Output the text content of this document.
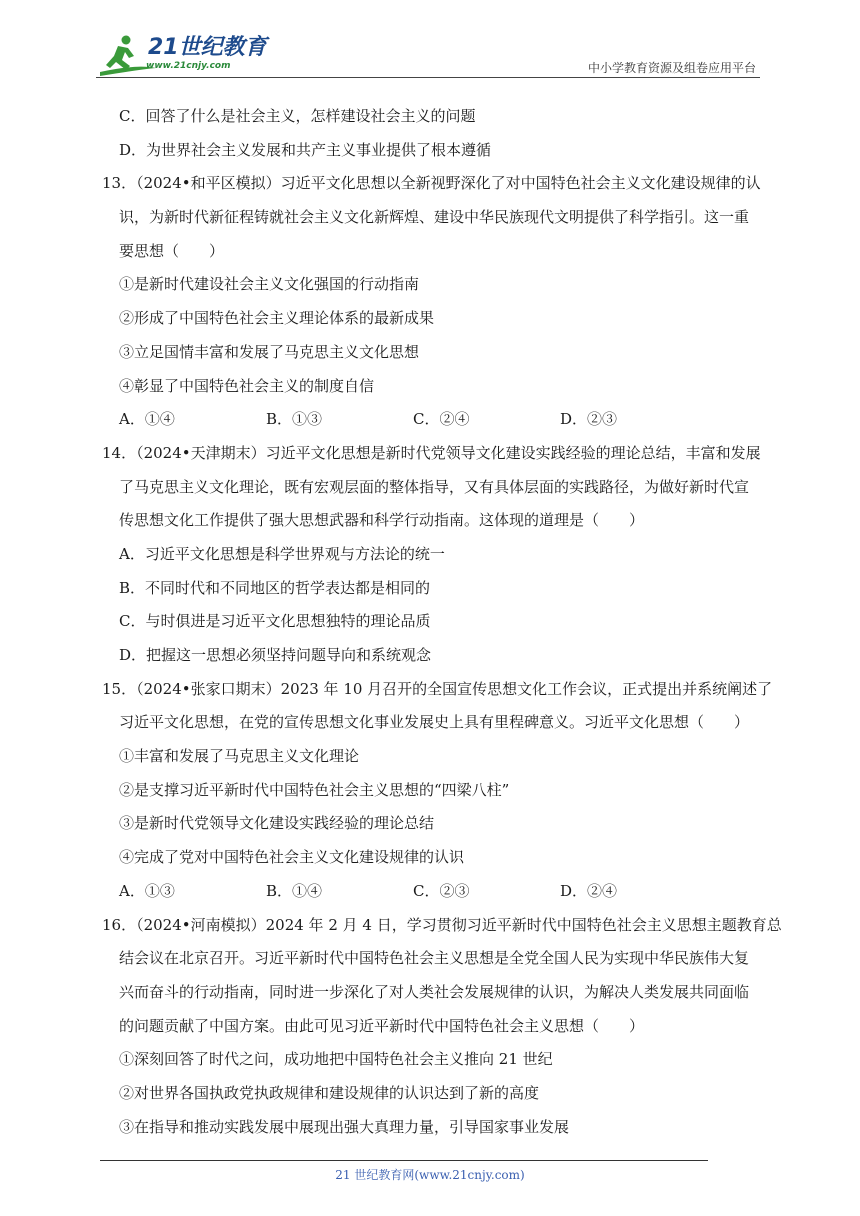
21世纪教育
www.21cnjy.com	中小学教育资源及组卷应用平台
C．回答了什么是社会主义，怎样建设社会主义的问题
D．为世界社会主义发展和共产主义事业提供了根本遵循
13．（2024•和平区模拟）习近平文化思想以全新视野深化了对中国特色社会主义文化建设规律的认
识，为新时代新征程铸就社会主义文化新辉煌、建设中华民族现代文明提供了科学指引。这一重
要思想（　　）
①是新时代建设社会主义文化强国的行动指南
②形成了中国特色社会主义理论体系的最新成果
③立足国情丰富和发展了马克思主义文化思想
④彰显了中国特色社会主义的制度自信
A．①④	B．①③	C．②④	D．②③
14．（2024•天津期末）习近平文化思想是新时代党领导文化建设实践经验的理论总结，丰富和发展
了马克思主义文化理论，既有宏观层面的整体指导，又有具体层面的实践路径，为做好新时代宣
传思想文化工作提供了强大思想武器和科学行动指南。这体现的道理是（　　）
A．习近平文化思想是科学世界观与方法论的统一
B．不同时代和不同地区的哲学表达都是相同的
C．与时俱进是习近平文化思想独特的理论品质
D．把握这一思想必须坚持问题导向和系统观念
15．（2024•张家口期末）2023 年 10 月召开的全国宣传思想文化工作会议，正式提出并系统阐述了
习近平文化思想，在党的宣传思想文化事业发展史上具有里程碑意义。习近平文化思想（　　）
①丰富和发展了马克思主义文化理论
②是支撑习近平新时代中国特色社会主义思想的“四梁八柱”
③是新时代党领导文化建设实践经验的理论总结
④完成了党对中国特色社会主义文化建设规律的认识
A．①③	B．①④	C．②③	D．②④
16．（2024•河南模拟）2024 年 2 月 4 日，学习贯彻习近平新时代中国特色社会主义思想主题教育总
结会议在北京召开。习近平新时代中国特色社会主义思想是全党全国人民为实现中华民族伟大复
兴而奋斗的行动指南，同时进一步深化了对人类社会发展规律的认识，为解决人类发展共同面临
的问题贡献了中国方案。由此可见习近平新时代中国特色社会主义思想（　　）
①深刻回答了时代之问，成功地把中国特色社会主义推向 21 世纪
②对世界各国执政党执政规律和建设规律的认识达到了新的高度
③在指导和推动实践发展中展现出强大真理力量，引导国家事业发展
21 世纪教育网(www.21cnjy.com)
